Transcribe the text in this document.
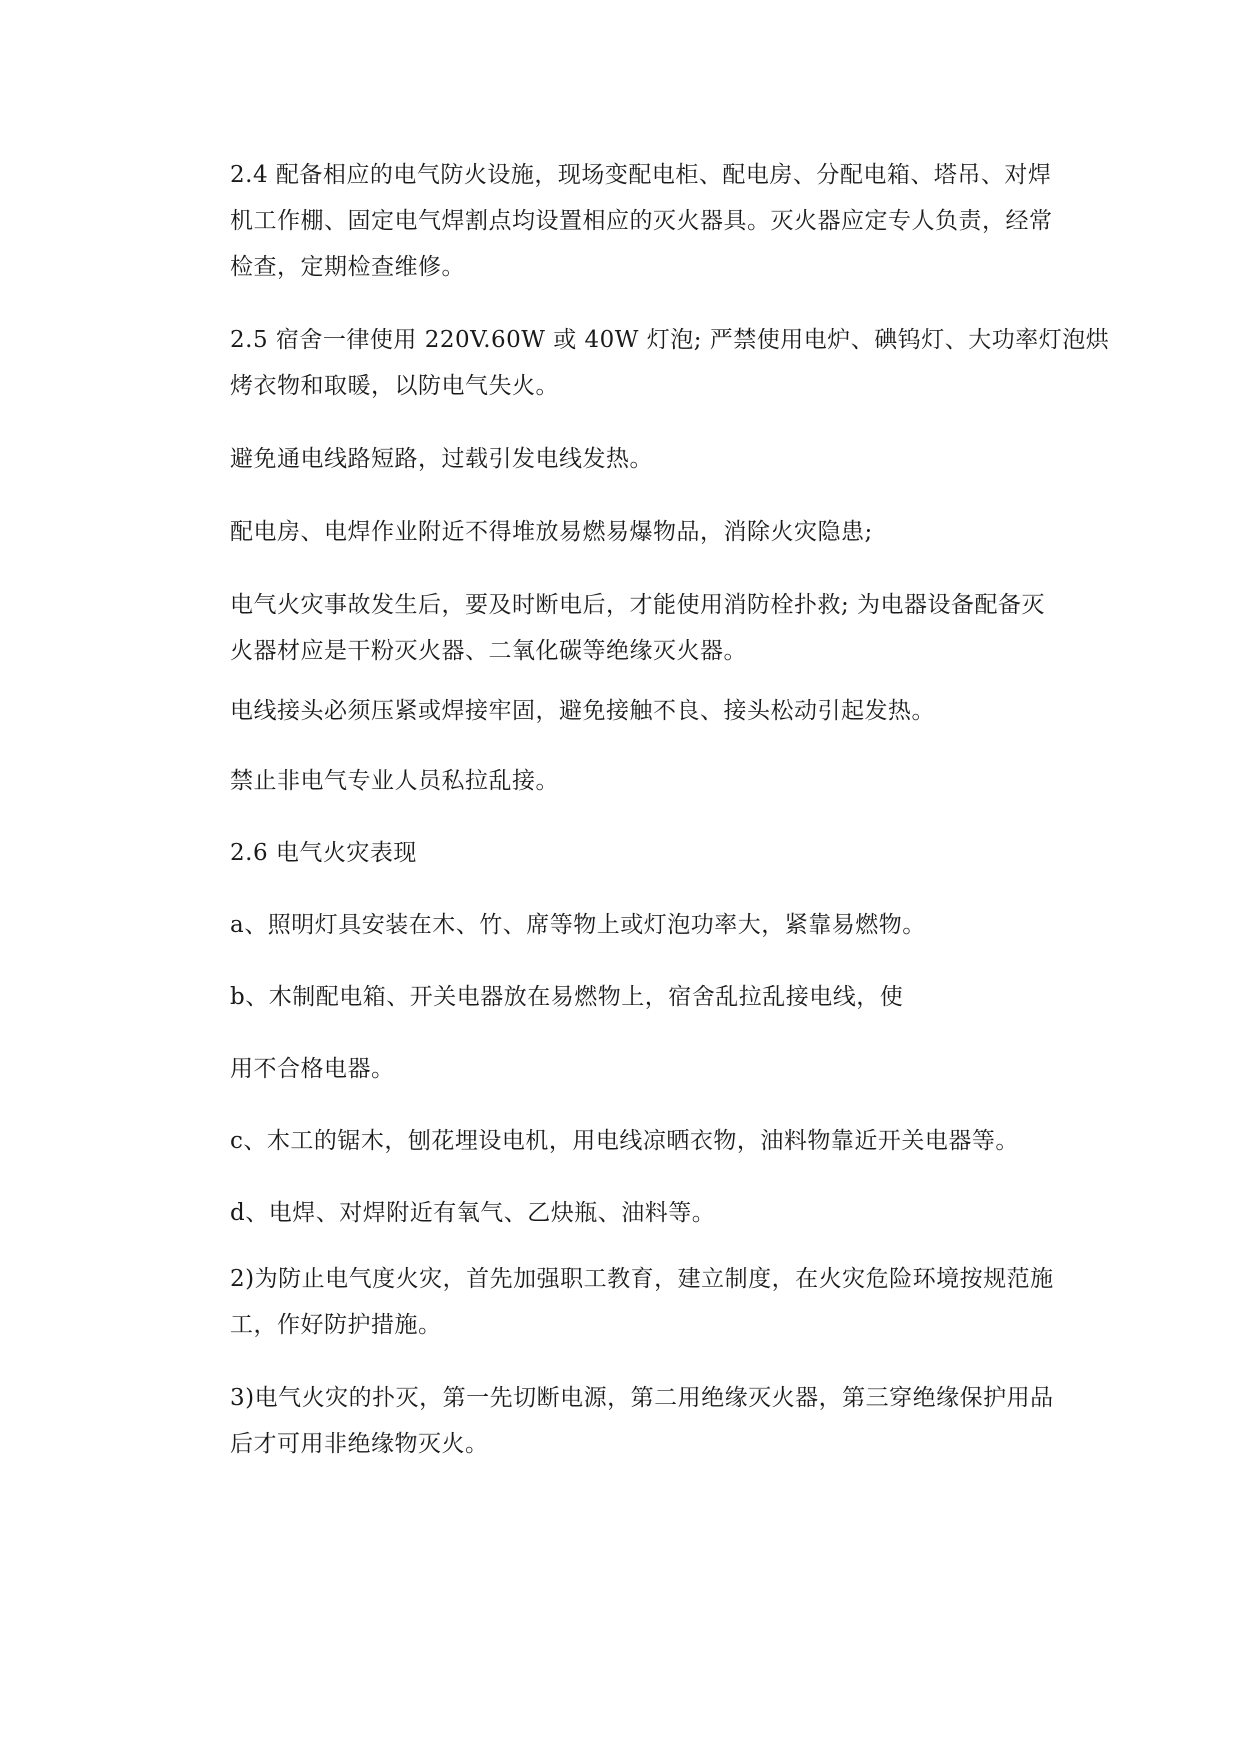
2.4 配备相应的电气防火设施，现场变配电柜、配电房、分配电箱、塔吊、对焊
机工作棚、固定电气焊割点均设置相应的灭火器具。灭火器应定专人负责，经常
检查，定期检查维修。
2.5 宿舍一律使用 220V.60W 或 40W 灯泡; 严禁使用电炉、碘钨灯、大功率灯泡烘
烤衣物和取暖，以防电气失火。
避免通电线路短路，过载引发电线发热。
配电房、电焊作业附近不得堆放易燃易爆物品，消除火灾隐患;
电气火灾事故发生后，要及时断电后，才能使用消防栓扑救; 为电器设备配备灭
火器材应是干粉灭火器、二氧化碳等绝缘灭火器。
电线接头必须压紧或焊接牢固，避免接触不良、接头松动引起发热。
禁止非电气专业人员私拉乱接。
2.6 电气火灾表现
a、照明灯具安装在木、竹、席等物上或灯泡功率大，紧靠易燃物。
b、木制配电箱、开关电器放在易燃物上，宿舍乱拉乱接电线，使
用不合格电器。
c、木工的锯木，刨花埋设电机，用电线凉晒衣物，油料物靠近开关电器等。
d、电焊、对焊附近有氧气、乙炔瓶、油料等。
2)为防止电气度火灾，首先加强职工教育，建立制度，在火灾危险环境按规范施
工，作好防护措施。
3)电气火灾的扑灭，第一先切断电源，第二用绝缘灭火器，第三穿绝缘保护用品
后才可用非绝缘物灭火。
